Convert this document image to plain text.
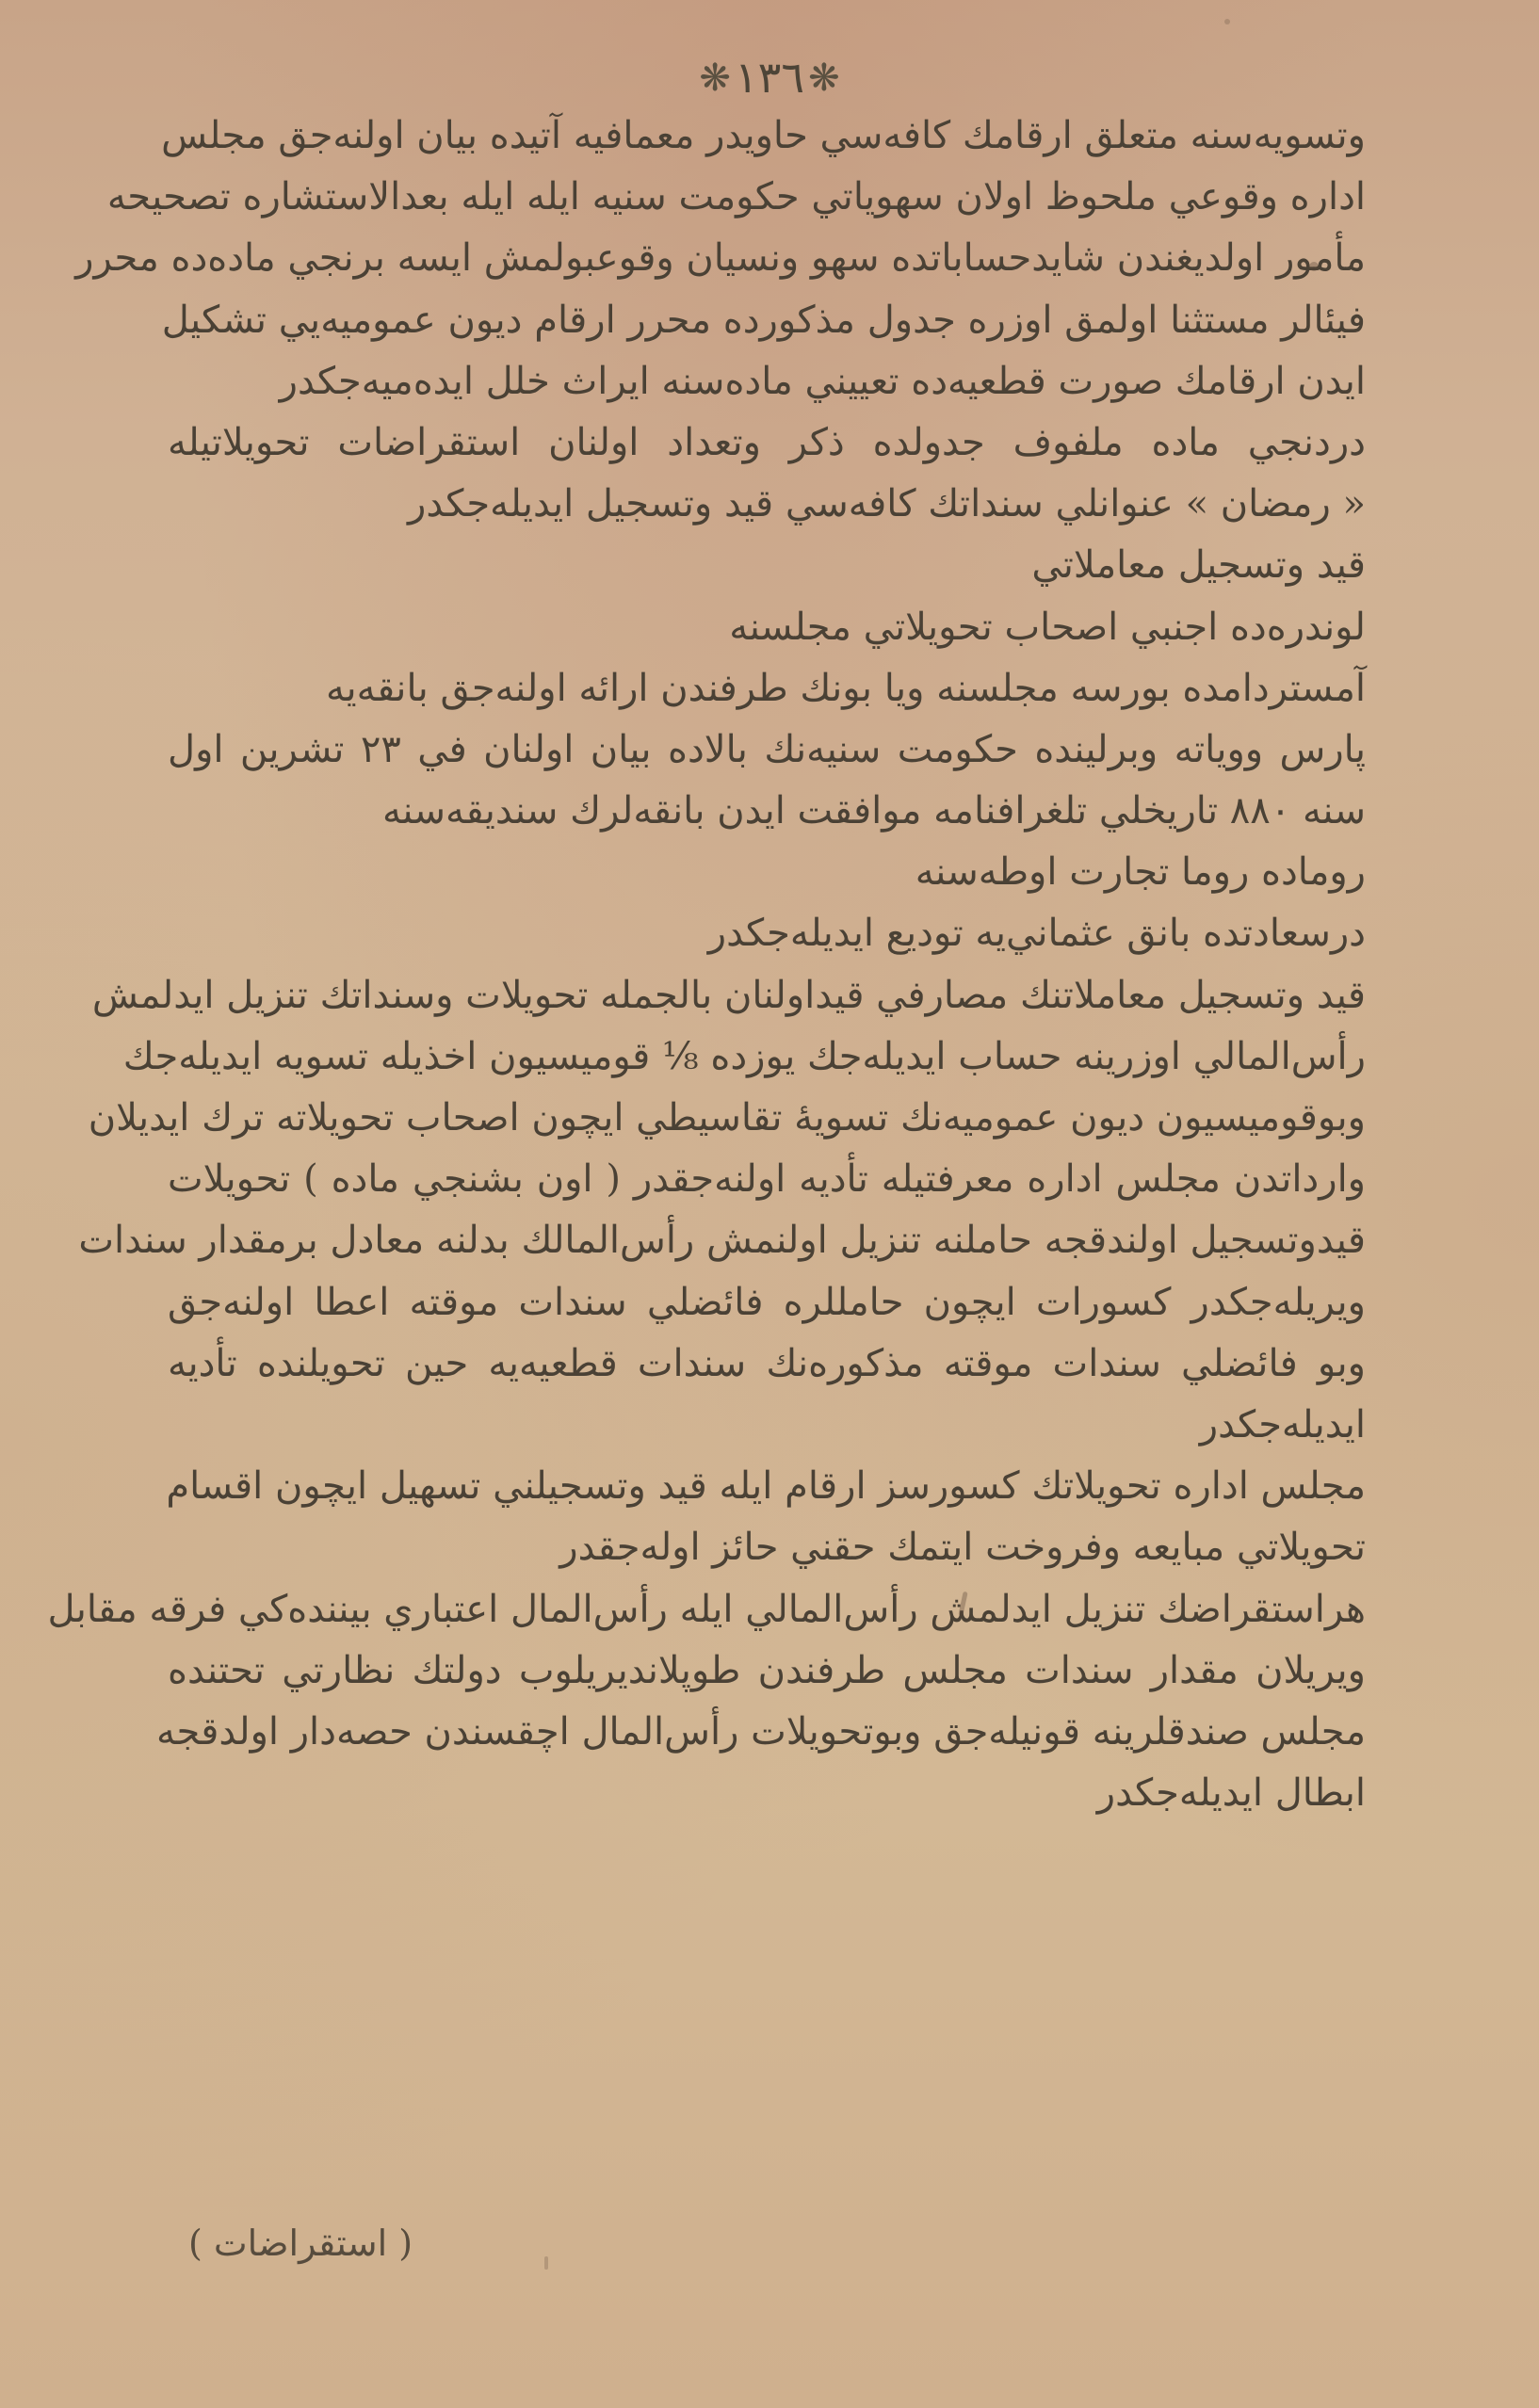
❋١٣٦❋
وتسويه‌سنه متعلق ارقامك كافه‌سي حاويدر معمافيه آتيده بيان اولنه‌جق مجلس
اداره وقوعي ملحوظ اولان سهوياتي حكومت سنيه ايله ايله بعدالاستشاره تصحيحه
مأمور اولديغندن شايدحساباتده سهو ونسيان وقوعبولمش ايسه برنجي ماده‌ده محرر
فيئالر مستثنا اولمق اوزره جدول مذكورده محرر ارقام ديون عموميه‌يي تشكيل
ايدن ارقامك صورت قطعيه‌ده تعييني ماده‌سنه ايراث خلل ايده‌ميه‌جكدر
دردنجي ماده ملفوف جدولده ذكر وتعداد اولنان استقراضات تحويلاتيله
« رمضان » عنوانلي سنداتك كافه‌سي قيد وتسجيل ايديله‌جكدر
قيد وتسجيل معاملاتي
لوندره‌ده اجنبي اصحاب تحويلاتي مجلسنه
آمستردامده بورسه مجلسنه ويا بونك طرفندن ارائه اولنه‌جق بانقه‌يه
پارس ووياته وبرلينده حكومت سنيه‌نك بالاده بيان اولنان في ٢٣ تشرين اول
سنه ٨٨٠ تاريخلي تلغرافنامه موافقت ايدن بانقه‌لرك سنديقه‌سنه
روماده روما تجارت اوطه‌سنه
درسعادتده بانق عثماني‌يه توديع ايديله‌جكدر
قيد وتسجيل معاملاتنك مصارفي قيداولنان بالجمله تحويلات وسنداتك تنزيل ايدلمش
رأس‌المالي اوزرينه حساب ايديله‌جك يوزده ⅛ قوميسيون اخذيله تسويه ايديله‌جك
وبوقوميسيون ديون عموميه‌نك تسويه‌ٔ تقاسيطي ايچون اصحاب تحويلاته ترك ايديلان
وارداتدن مجلس اداره معرفتيله تأديه اولنه‌جقدر ( اون بشنجي ماده ) تحويلات
قيدوتسجيل اولندقجه حاملنه تنزيل اولنمش رأس‌المالك بدلنه معادل برمقدار سندات
ويريله‌جكدر كسورات ايچون حامللره فائضلي سندات موقته اعطا اولنه‌جق
وبو فائضلي سندات موقته مذكوره‌نك سندات قطعيه‌يه حين تحويلنده تأديه
ايديله‌جكدر
مجلس اداره تحويلاتك كسورسز ارقام ايله قيد وتسجيلني تسهيل ايچون اقسام
تحويلاتي مبايعه وفروخت ايتمك حقني حائز اوله‌جقدر
هراستقراضك تنزيل ايدلمش رأس‌المالي ايله رأس‌المال اعتباري بيننده‌كي فرقه مقابل
ويريلان مقدار سندات مجلس طرفندن طوپلانديريلوب دولتك نظارتي تحتنده
مجلس صندقلرينه قونيله‌جق وبوتحويلات رأس‌المال اچقسندن حصه‌دار اولدقجه
ابطال ايديله‌جكدر
( استقراضات )
